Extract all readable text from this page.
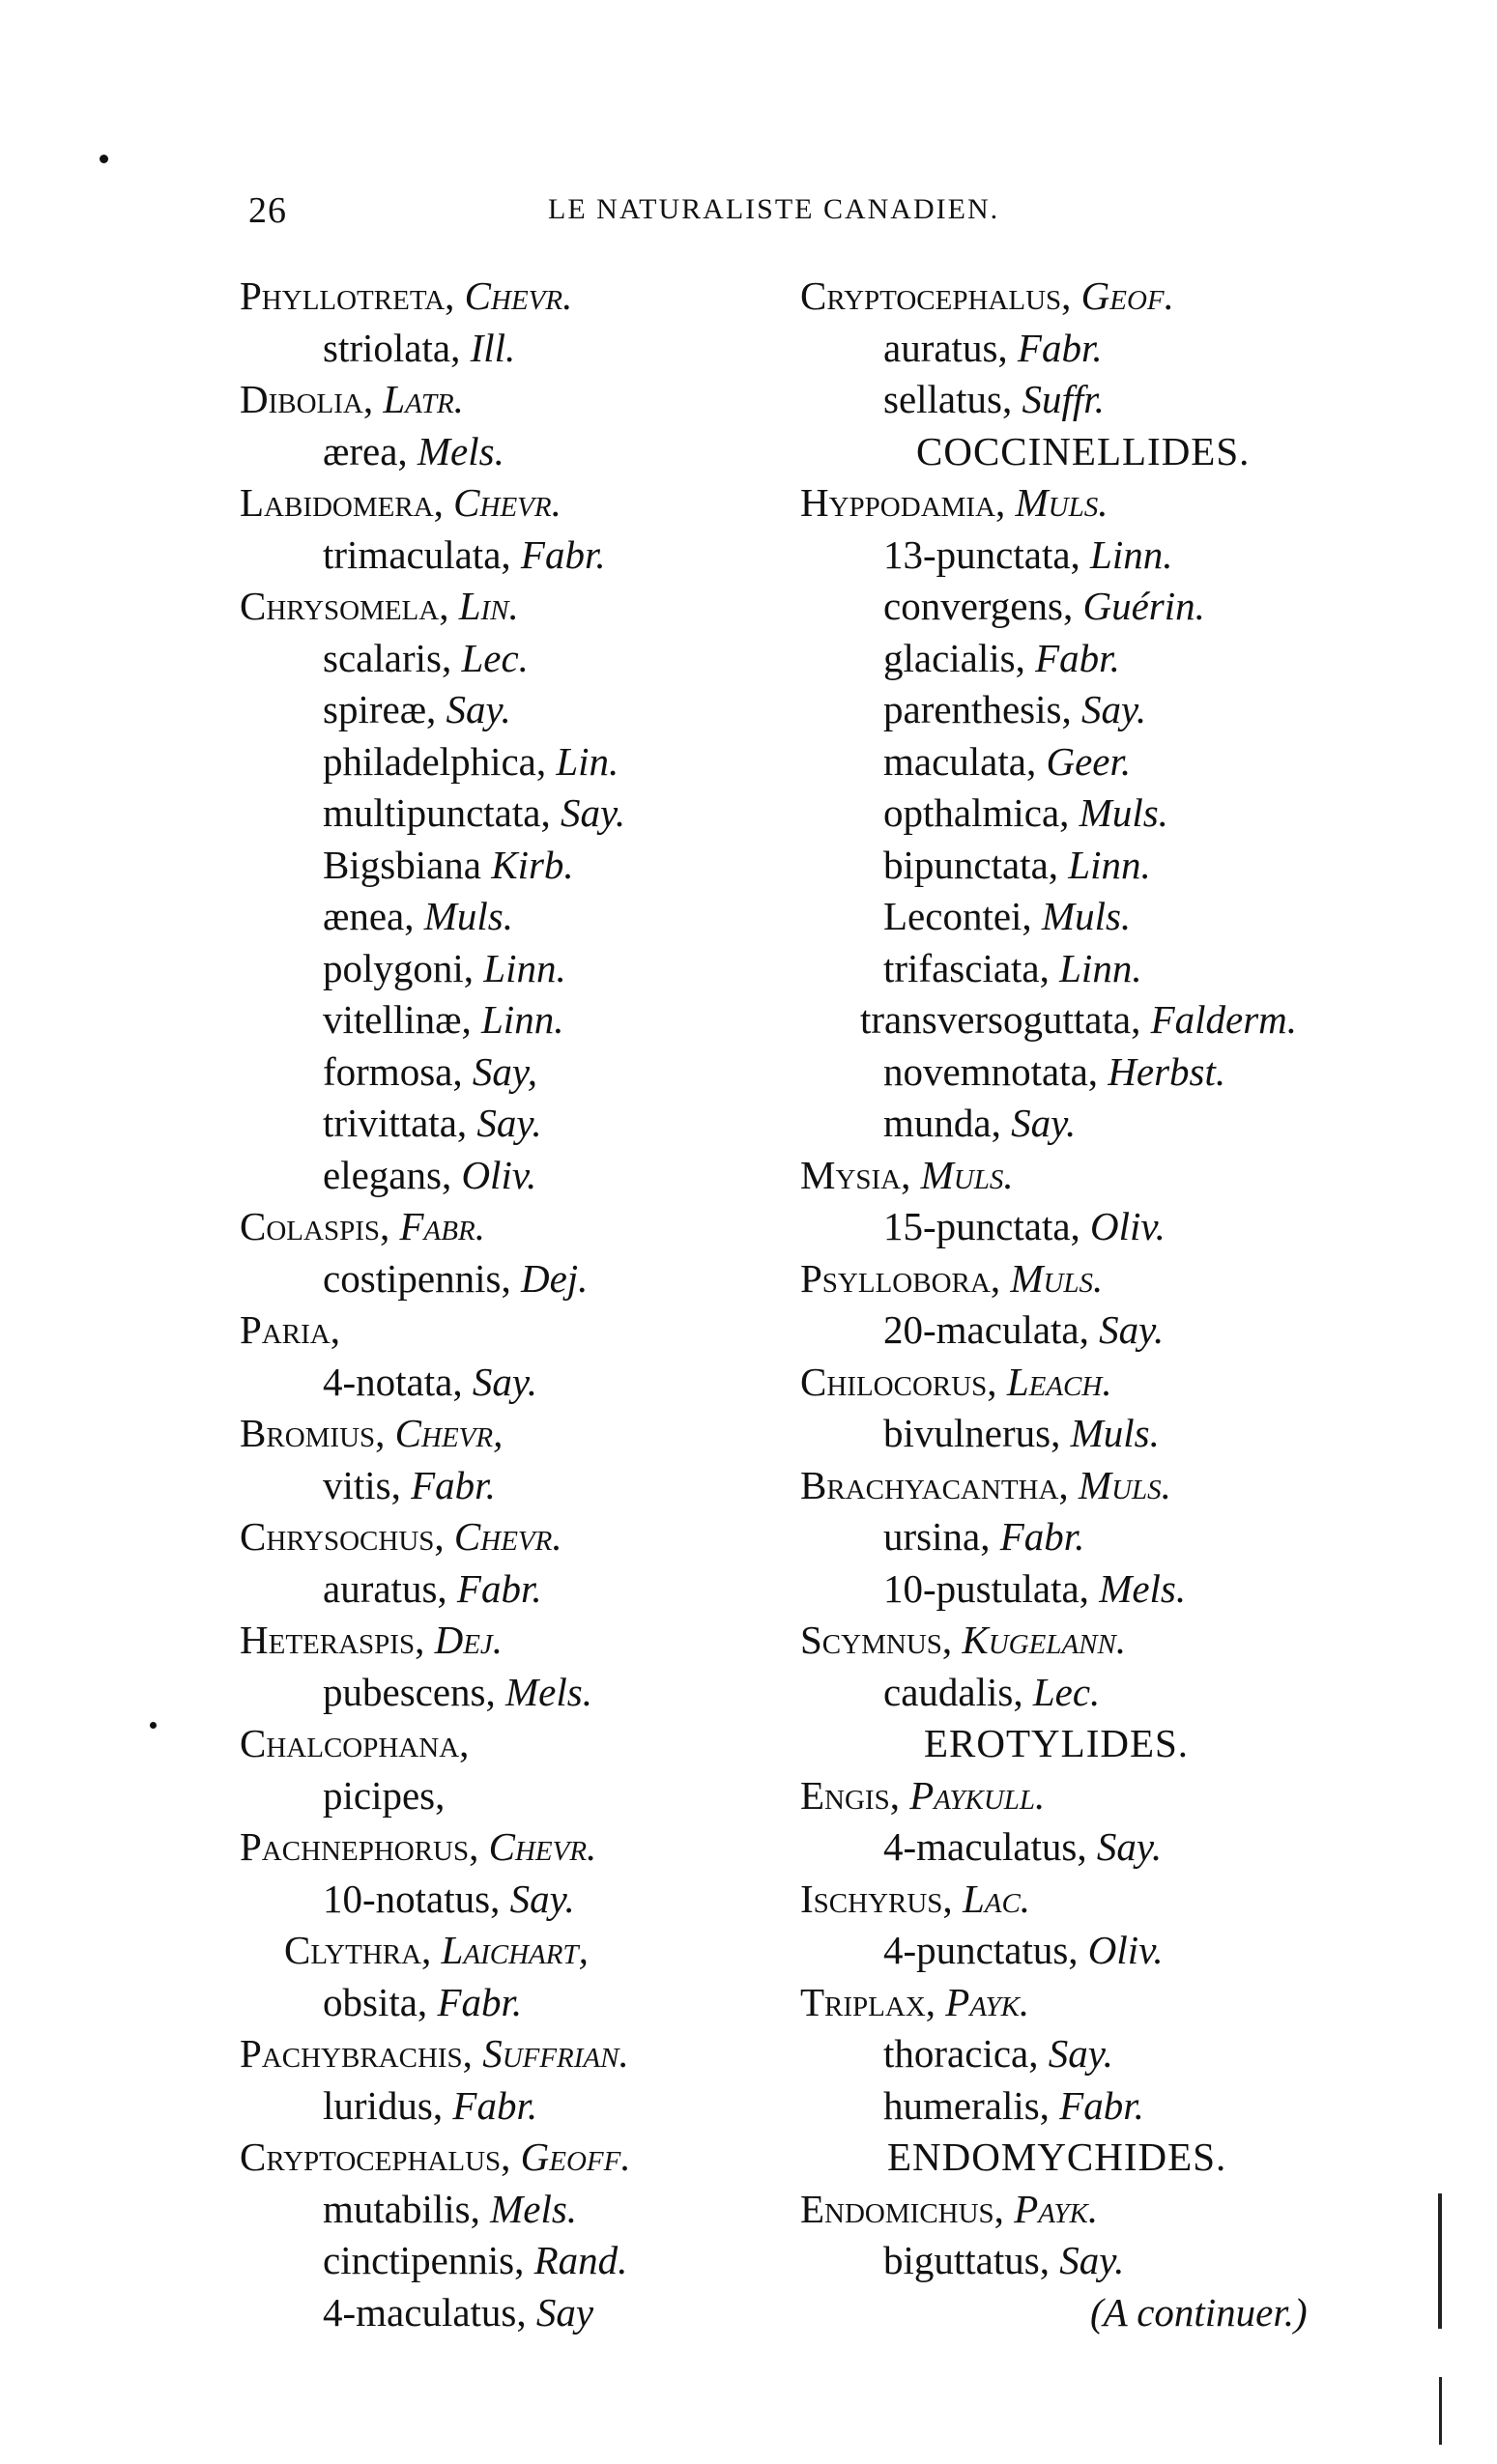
26	LE NATURALISTE CANADIEN.
Phyllotreta, Chevr.
striolata, Ill.
Dibolia, Latr.
ærea, Mels.
Labidomera, Chevr.
trimaculata, Fabr.
Chrysomela, Lin.
scalaris, Lec.
spireæ, Say.
philadelphica, Lin.
multipunctata, Say.
Bigsbiana Kirb.
ænea, Muls.
polygoni, Linn.
vitellinæ, Linn.
formosa, Say,
trivittata, Say.
elegans, Oliv.
Colaspis, Fabr.
costipennis, Dej.
Paria,
4-notata, Say.
Bromius, Chevr,
vitis, Fabr.
Chrysochus, Chevr.
auratus, Fabr.
Heteraspis, Dej.
pubescens, Mels.
Chalcophana,
picipes,
Pachnephorus, Chevr.
10-notatus, Say.
Clythra, Laichart,
obsita, Fabr.
Pachybrachis, Suffrian.
luridus, Fabr.
Cryptocephalus, Geoff.
mutabilis, Mels.
cinctipennis, Rand.
4-maculatus, Say
Cryptocephalus, Geof.
auratus, Fabr.
sellatus, Suffr.
COCCINELLIDES.
Hyppodamia, Muls.
13-punctata, Linn.
convergens, Guérin.
glacialis, Fabr.
parenthesis, Say.
maculata, Geer.
opthalmica, Muls.
bipunctata, Linn.
Lecontei, Muls.
trifasciata, Linn.
transversoguttata, Falderm.
novemnotata, Herbst.
munda, Say.
Mysia, Muls.
15-punctata, Oliv.
Psyllobora, Muls.
20-maculata, Say.
Chilocorus, Leach.
bivulnerus, Muls.
Brachyacantha, Muls.
ursina, Fabr.
10-pustulata, Mels.
Scymnus, Kugelann.
caudalis, Lec.
EROTYLIDES.
Engis, Paykull.
4-maculatus, Say.
Ischyrus, Lac.
4-punctatus, Oliv.
Triplax, Payk.
thoracica, Say.
humeralis, Fabr.
ENDOMYCHIDES.
Endomichus, Payk.
biguttatus, Say.
(A continuer.)
